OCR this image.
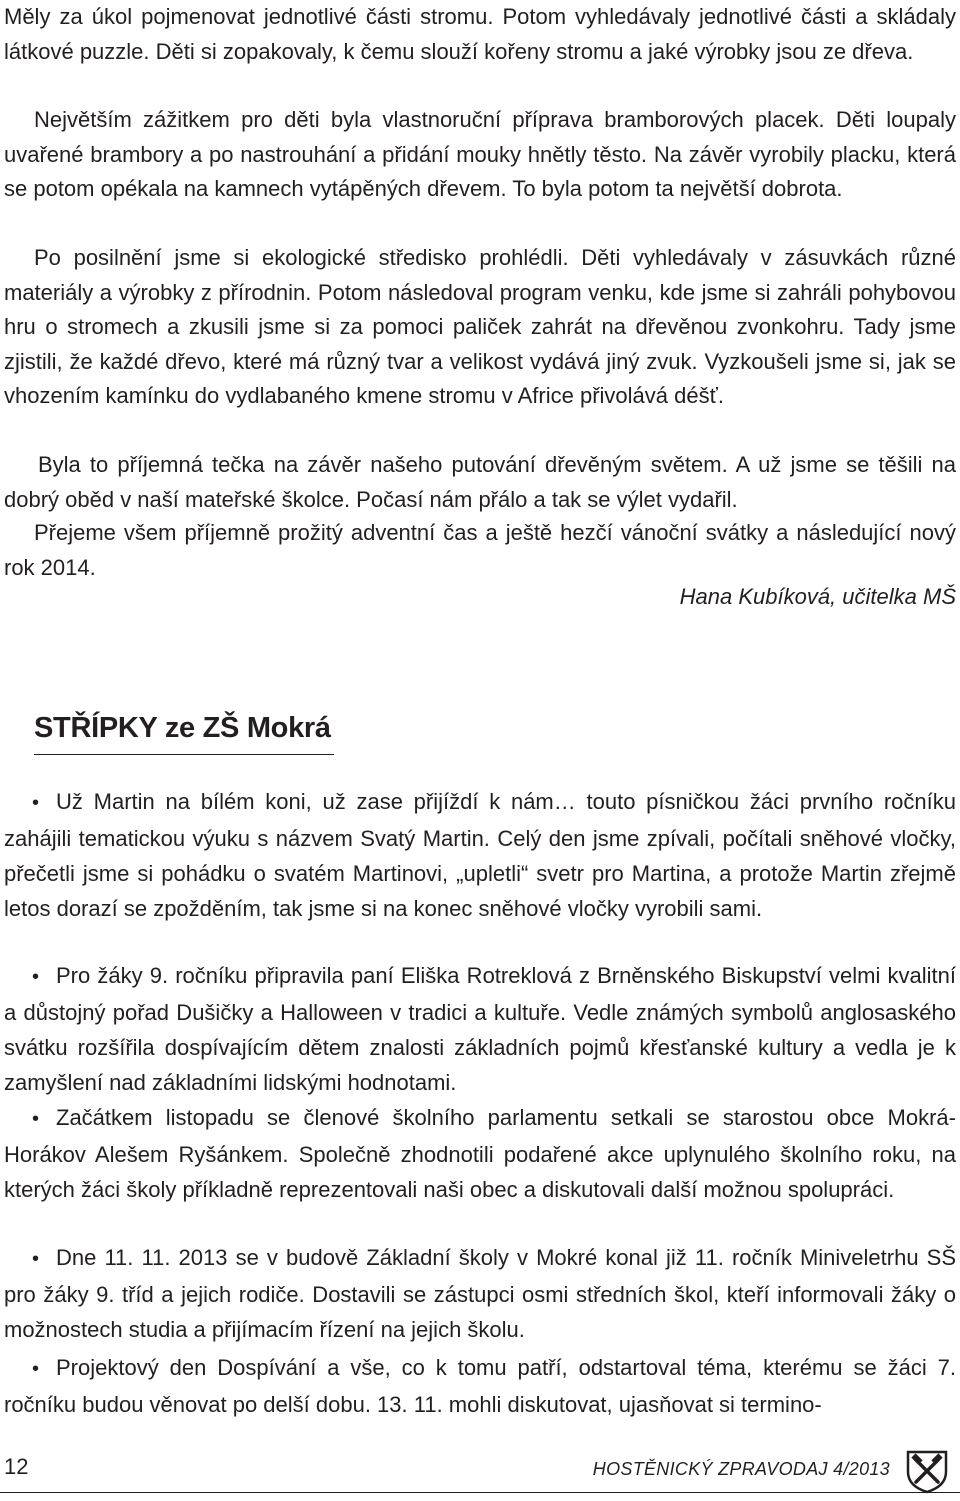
Měly za úkol pojmenovat jednotlivé části stromu. Potom vyhledávaly jednotlivé části a skládaly látkové puzzle. Děti si zopakovaly, k čemu slouží kořeny stromu a jaké výrobky jsou ze dřeva.

Největším zážitkem pro děti byla vlastnoruční příprava bramborových placek. Děti loupaly uvařené brambory a po nastrouhání a přidání mouky hnětly těsto. Na závěr vyrobily placku, která se potom opékala na kamnech vytápěných dřevem. To byla potom ta největší dobrota.

Po posilnění jsme si ekologické středisko prohlédli. Děti vyhledávaly v zásuvkách různé materiály a výrobky z přírodnin. Potom následoval program venku, kde jsme si zahráli pohybovou hru o stromech a zkusili jsme si za pomoci paliček zahrát na dřevěnou zvonkohru. Tady jsme zjistili, že každé dřevo, které má různý tvar a velikost vydává jiný zvuk. Vyzkoušeli jsme si, jak se vhozením kamínku do vydlabaného kmene stromu v Africe přivolává déšť.

Byla to příjemná tečka na závěr našeho putování dřevěným světem. A už jsme se těšili na dobrý oběd v naší mateřské školce. Počasí nám přálo a tak se výlet vydařil.

Přejeme všem příjemně prožitý adventní čas a ještě hezčí vánoční svátky a následující nový rok 2014.

Hana Kubíková, učitelka MŠ
STŘÍPKY ze ZŠ Mokrá

• Už Martin na bílém koni, už zase přijíždí k nám… touto písničkou žáci prvního ročníku zahájili tematickou výuku s názvem Svatý Martin. Celý den jsme zpívali, počítali sněhové vločky, přečetli jsme si pohádku o svatém Martinovi, „upletli“ svetr pro Martina, a protože Martin zřejmě letos dorazí se zpožděním, tak jsme si na konec sněhové vločky vyrobili sami.

• Pro žáky 9. ročníku připravila paní Eliška Rotreklová z Brněnského Biskupství velmi kvalitní a důstojný pořad Dušičky a Halloween v tradici a kultuře. Vedle známých symbolů anglosaského svátku rozšířila dospívajícím dětem znalosti základních pojmů křesťanské kultury a vedla je k zamyšlení nad základními lidskými hodnotami.

• Začátkem listopadu se členové školního parlamentu setkali se starostou obce Mokrá-Horákov Alešem Ryšánkem. Společně zhodnotili podařené akce uplynulého školního roku, na kterých žáci školy příkladně reprezentovali naši obec a diskutovali další možnou spolupráci.

• Dne 11. 11. 2013 se v budově Základní školy v Mokré konal již 11. ročník Miniveletrhu SŠ pro žáky 9. tříd a jejich rodiče. Dostavili se zástupci osmi středních škol, kteří informovali žáky o možnostech studia a přijímacím řízení na jejich školu.

• Projektový den Dospívání a vše, co k tomu patří, odstartoval téma, kterému se žáci 7. ročníku budou věnovat po delší dobu. 13. 11. mohli diskutovat, ujasňovat si termino-

12	HOSTĚNICKÝ ZPRAVODAJ 4/2013
